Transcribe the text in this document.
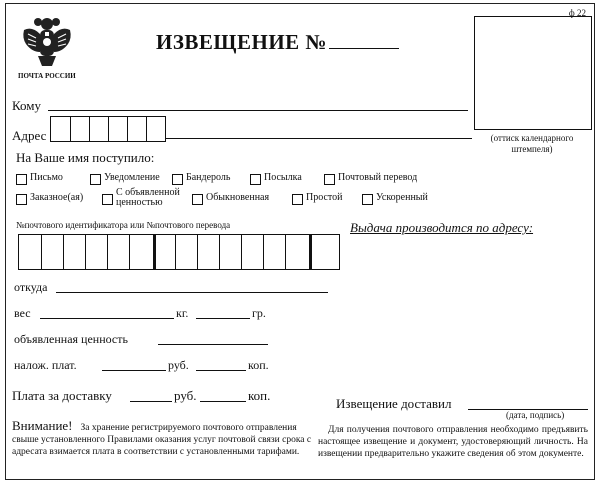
ПОЧТА РОССИИ
ИЗВЕЩЕНИЕ №
ф 22
(оттиск календарного штемпеля)
Кому
Адрес
На Ваше имя поступило:
Письмо	Уведомление	Бандероль	Посылка	Почтовый перевод
Заказное(ая)	С объявленной ценностью	Обыкновенная	Простой	Ускоренный
№почтового идентификатора или №почтового перевода	Выдача производится по адресу:
откуда
вес	кг.	гр.
объявленная ценность
налож. плат.	руб.	коп.
Плата за доставку	руб.	коп.
Извещение доставил
(дата, подпись)
Внимание! За хранение регистрируемого почтового отправления свыше установленного Правилами оказания услуг почтовой связи срока с адресата взимается плата в соответствии с установленными тарифами.
Для получения почтового отправления необходимо предъявить настоящее извещение и документ, удостоверяющий личность. На извещении предварительно укажите сведения об этом документе.
